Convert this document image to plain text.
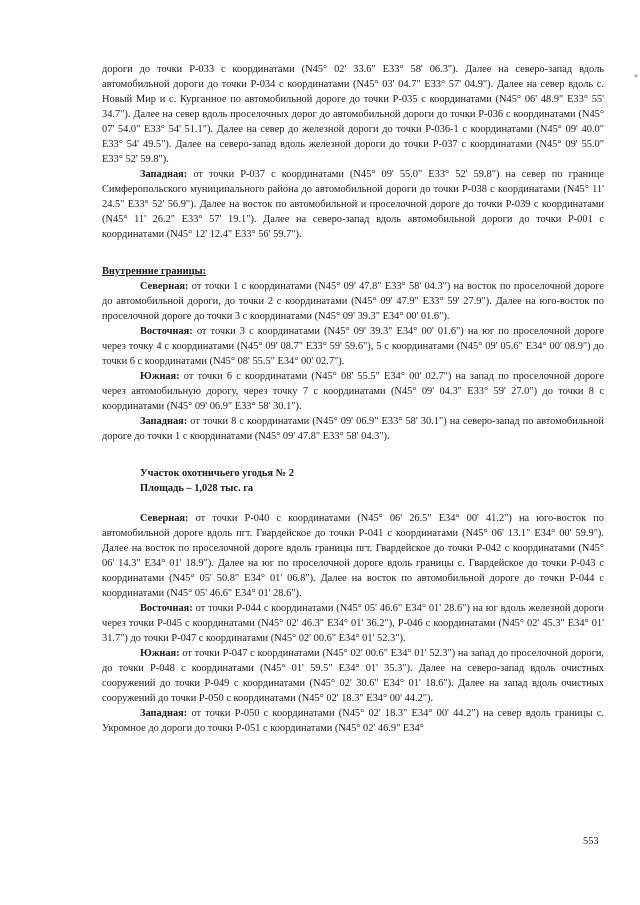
дороги до точки Р-033 с координатами (N45° 02' 33.6" E33° 58' 06.3"). Далее на северо-запад вдоль автомобильной дороги до точки Р-034 с координатами (N45° 03' 04.7" E33° 57' 04.9"). Далее на север вдоль с. Новый Мир и с. Курганное по автомобильной дороге до точки Р-035 с координатами (N45° 06' 48.9" E33° 55' 34.7"). Далее на север вдоль проселочных дорог до автомобильной дороги до точки Р-036 с координатами (N45° 07' 54.0" E33° 54' 51.1"). Далее на север до железной дороги до точки Р-036-1 с координатами (N45° 09' 40.0" E33° 54' 49.5"). Далее на северо-запад вдоль железной дороги до точки Р-037 с координатами (N45° 09' 55.0" E33° 52' 59.8").

Западная: от точки Р-037 с координатами (N45° 09' 55.0" E33° 52' 59.8") на север по границе Симферопольского муниципального района до автомобильной дороги до точки Р-038 с координатами (N45° 11' 24.5" E33° 52' 56.9"). Далее на восток по автомобильной и проселочной дороге до точки Р-039 с координатами (N45° 11' 26.2" E33° 57' 19.1"). Далее на северо-запад вдоль автомобильной дороги до точки Р-001 с координатами (N45° 12' 12.4" E33° 56' 59.7").

Внутренние границы:

Северная: от точки 1 с координатами (N45° 09' 47.8" E33° 58' 04.3") на восток по проселочной дороге до автомобильной дороги, до точки 2 с координатами (N45° 09' 47.9" E33° 59' 27.9"). Далее на юго-восток по проселочной дороге до точки 3 с координатами (N45° 09' 39.3" E34° 00' 01.6").

Восточная: от точки 3 с координатами (N45° 09' 39.3" E34° 00' 01.6") на юг по проселочной дороге через точку 4 с координатами (N45° 09' 08.7" E33° 59' 59.6"), 5 с координатами (N45° 09' 05.6" E34° 00' 08.9") до точки 6 с координатами (N45° 08' 55.5" E34° 00' 02.7").

Южная: от точки 6 с координатами (N45° 08' 55.5" E34° 00' 02.7") на запад по проселочной дороге через автомобильную дорогу, через точку 7 с координатами (N45° 09' 04.3" E33° 59' 27.0") до точки 8 с координатами (N45° 09' 06.9" E33° 58' 30.1").

Западная: от точки 8 с координатами (N45° 09' 06.9" E33° 58' 30.1") на северо-запад по автомобильной дороге до точки 1 с координатами (N45° 09' 47.8" E33° 58' 04.3").

Участок охотничьего угодья № 2

Площадь – 1,028 тыс. га

Северная: от точки Р-040 с координатами (N45° 06' 26.5" E34° 00' 41.2") на юго-восток по автомобильной дороге вдоль пгт. Гвардейское до точки Р-041 с координатами (N45° 06' 13.1" E34° 00' 59.9"). Далее на восток по проселочной дороге вдоль границы пгт. Гвардейское до точки Р-042 с координатами (N45° 06' 14.3" E34° 01' 18.9"). Далее на юг по проселочной дороге вдоль границы с. Гвардейское до точки Р-043 с координатами (N45° 05' 50.8" E34° 01' 06.8"). Далее на восток по автомобильной дороге до точки Р-044 с координатами (N45° 05' 46.6" E34° 01' 28.6").

Восточная: от точки Р-044 с координатами (N45° 05' 46.6" E34° 01' 28.6") на юг вдоль железной дороги через точки Р-045 с координатами (N45° 02' 46.3" E34° 01' 36.2"), Р-046 с координатами (N45° 02' 45.3" E34° 01' 31.7") до точки Р-047 с координатами (N45° 02' 00.6" E34° 01' 52.3").

Южная: от точки Р-047 с координатами (N45° 02' 00.6" E34° 01' 52.3") на запад до проселочной дороги, до точки Р-048 с координатами (N45° 01' 59.5" E34° 01' 35.3"). Далее на северо-запад вдоль очистных сооружений до точки Р-049 с координатами (N45° 02' 30.6" E34° 01' 18.6"). Далее на запад вдоль очистных сооружений до точки Р-050 с координатами (N45° 02' 18.3" E34° 00' 44.2").

Западная: от точки Р-050 с координатами (N45° 02' 18.3" E34° 00' 44.2") на север вдоль границы с. Укромное до дороги до точки Р-051 с координатами (N45° 02' 46.9" E34°

553
«
